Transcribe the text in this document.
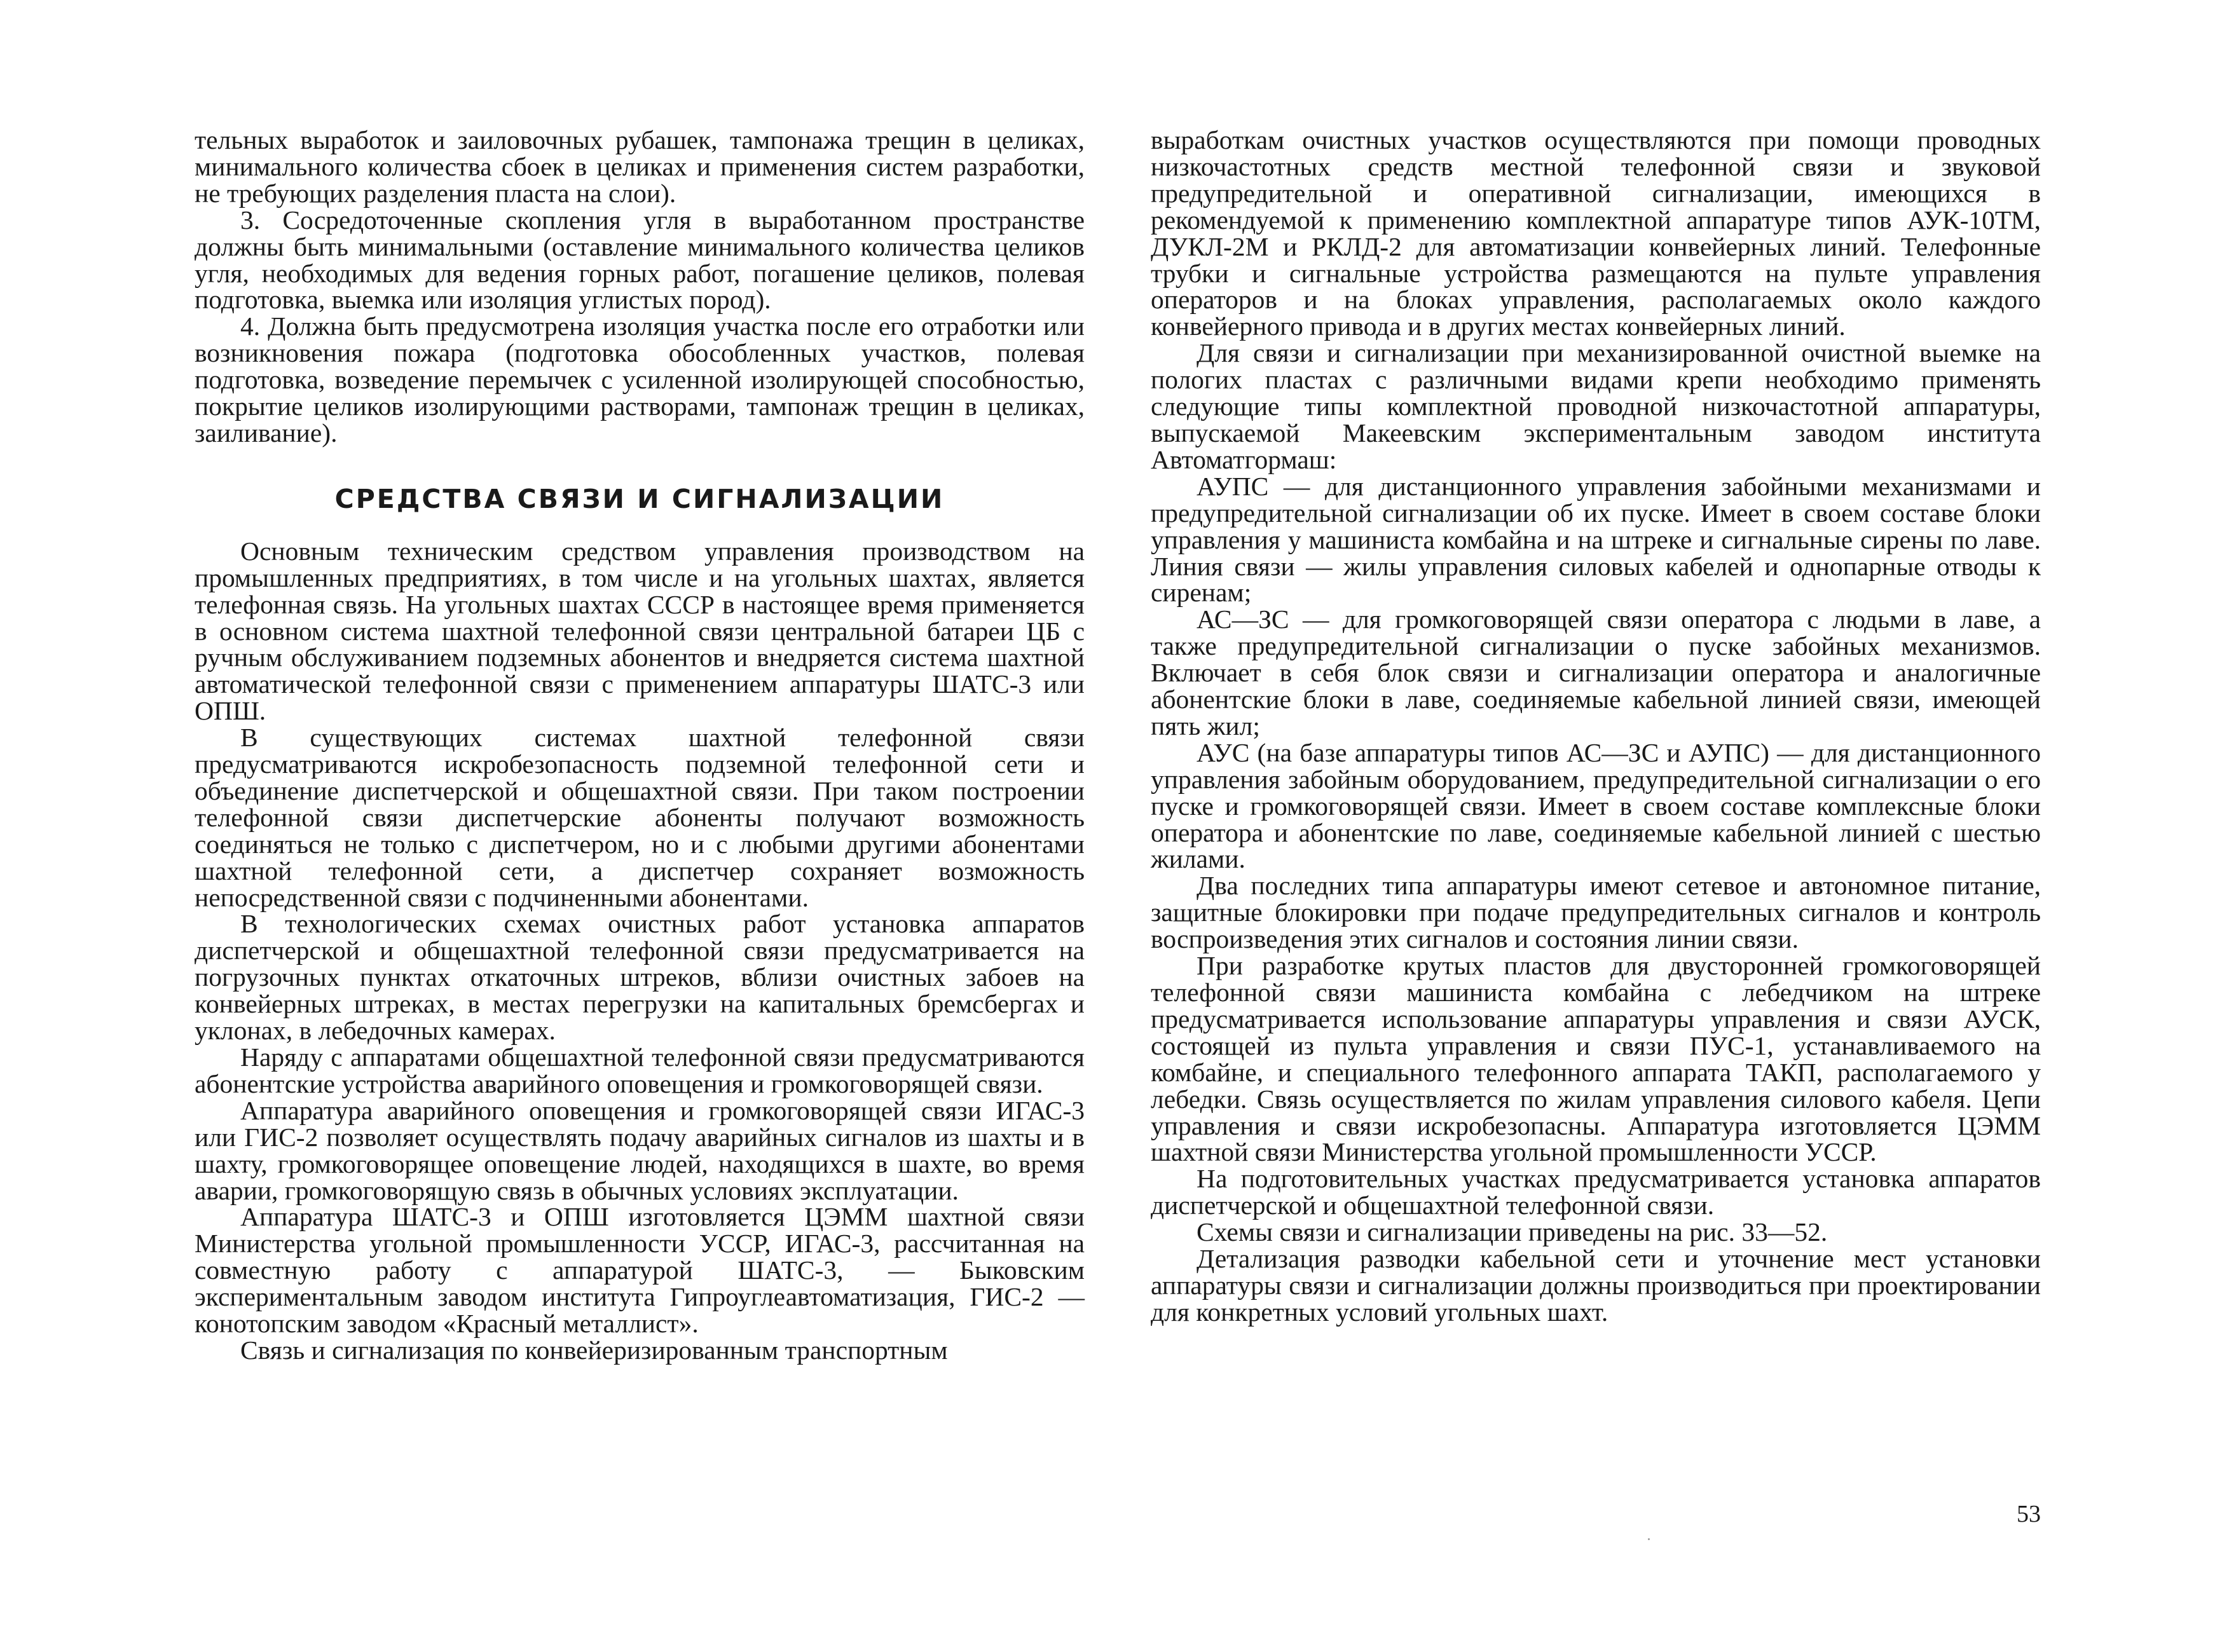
тельных выработок и заиловочных рубашек, тампонажа трещин в целиках, минимального количества сбоек в целиках и применения систем разработки, не требующих разделения пласта на слои).

3. Сосредоточенные скопления угля в выработанном пространстве должны быть минимальными (оставление минимального количества целиков угля, необходимых для ведения горных работ, погашение целиков, полевая подготовка, выемка или изоляция углистых пород).

4. Должна быть предусмотрена изоляция участка после его отработки или возникновения пожара (подготовка обособленных участков, полевая подготовка, возведение перемычек с усиленной изолирующей способностью, покрытие целиков изолирующими растворами, тампонаж трещин в целиках, заиливание).

СРЕДСТВА СВЯЗИ И СИГНАЛИЗАЦИИ

Основным техническим средством управления производством на промышленных предприятиях, в том числе и на угольных шахтах, является телефонная связь. На угольных шахтах СССР в настоящее время применяется в основном система шахтной телефонной связи центральной батареи ЦБ с ручным обслуживанием подземных абонентов и внедряется система шахтной автоматической телефонной связи с применением аппаратуры ШАТС-3 или ОПШ.

В существующих системах шахтной телефонной связи предусматриваются искробезопасность подземной телефонной сети и объединение диспетчерской и общешахтной связи. При таком построении телефонной связи диспетчерские абоненты получают возможность соединяться не только с диспетчером, но и с любыми другими абонентами шахтной телефонной сети, а диспетчер сохраняет возможность непосредственной связи с подчиненными абонентами.

В технологических схемах очистных работ установка аппаратов диспетчерской и общешахтной телефонной связи предусматривается на погрузочных пунктах откаточных штреков, вблизи очистных забоев на конвейерных штреках, в местах перегрузки на капитальных бремсбергах и уклонах, в лебедочных камерах.

Наряду с аппаратами общешахтной телефонной связи предусматриваются абонентские устройства аварийного оповещения и громкоговорящей связи.

Аппаратура аварийного оповещения и громкоговорящей связи ИГАС-3 или ГИС-2 позволяет осуществлять подачу аварийных сигналов из шахты и в шахту, громкоговорящее оповещение людей, находящихся в шахте, во время аварии, громкоговорящую связь в обычных условиях эксплуатации.

Аппаратура ШАТС-3 и ОПШ изготовляется ЦЭММ шахтной связи Министерства угольной промышленности УССР, ИГАС-3, рассчитанная на совместную работу с аппаратурой ШАТС-3, — Быковским экспериментальным заводом института Гипроуглеавтоматизация, ГИС-2 — конотопским заводом «Красный металлист».

Связь и сигнализация по конвейеризированным транспортным

выработкам очистных участков осуществляются при помощи проводных низкочастотных средств местной телефонной связи и звуковой предупредительной и оперативной сигнализации, имеющихся в рекомендуемой к применению комплектной аппаратуре типов АУК-10ТМ, ДУКЛ-2М и РКЛД-2 для автоматизации конвейерных линий. Телефонные трубки и сигнальные устройства размещаются на пульте управления операторов и на блоках управления, располагаемых около каждого конвейерного привода и в других местах конвейерных линий.

Для связи и сигнализации при механизированной очистной выемке на пологих пластах с различными видами крепи необходимо применять следующие типы комплектной проводной низкочастотной аппаратуры, выпускаемой Макеевским экспериментальным заводом института Автоматгормаш:

АУПС — для дистанционного управления забойными механизмами и предупредительной сигнализации об их пуске. Имеет в своем составе блоки управления у машиниста комбайна и на штреке и сигнальные сирены по лаве. Линия связи — жилы управления силовых кабелей и однопарные отводы к сиренам;

АС—ЗС — для громкоговорящей связи оператора с людьми в лаве, а также предупредительной сигнализации о пуске забойных механизмов. Включает в себя блок связи и сигнализации оператора и аналогичные абонентские блоки в лаве, соединяемые кабельной линией связи, имеющей пять жил;

АУС (на базе аппаратуры типов АС—ЗС и АУПС) — для дистанционного управления забойным оборудованием, предупредительной сигнализации о его пуске и громкоговорящей связи. Имеет в своем составе комплексные блоки оператора и абонентские по лаве, соединяемые кабельной линией с шестью жилами.

Два последних типа аппаратуры имеют сетевое и автономное питание, защитные блокировки при подаче предупредительных сигналов и контроль воспроизведения этих сигналов и состояния линии связи.

При разработке крутых пластов для двусторонней громкоговорящей телефонной связи машиниста комбайна с лебедчиком на штреке предусматривается использование аппаратуры управления и связи АУСК, состоящей из пульта управления и связи ПУС-1, устанавливаемого на комбайне, и специального телефонного аппарата ТАКП, располагаемого у лебедки. Связь осуществляется по жилам управления силового кабеля. Цепи управления и связи искробезопасны. Аппаратура изготовляется ЦЭММ шахтной связи Министерства угольной промышленности УССР.

На подготовительных участках предусматривается установка аппаратов диспетчерской и общешахтной телефонной связи.

Схемы связи и сигнализации приведены на рис. 33—52.

Детализация разводки кабельной сети и уточнение мест установки аппаратуры связи и сигнализации должны производиться при проектировании для конкретных условий угольных шахт.

53
